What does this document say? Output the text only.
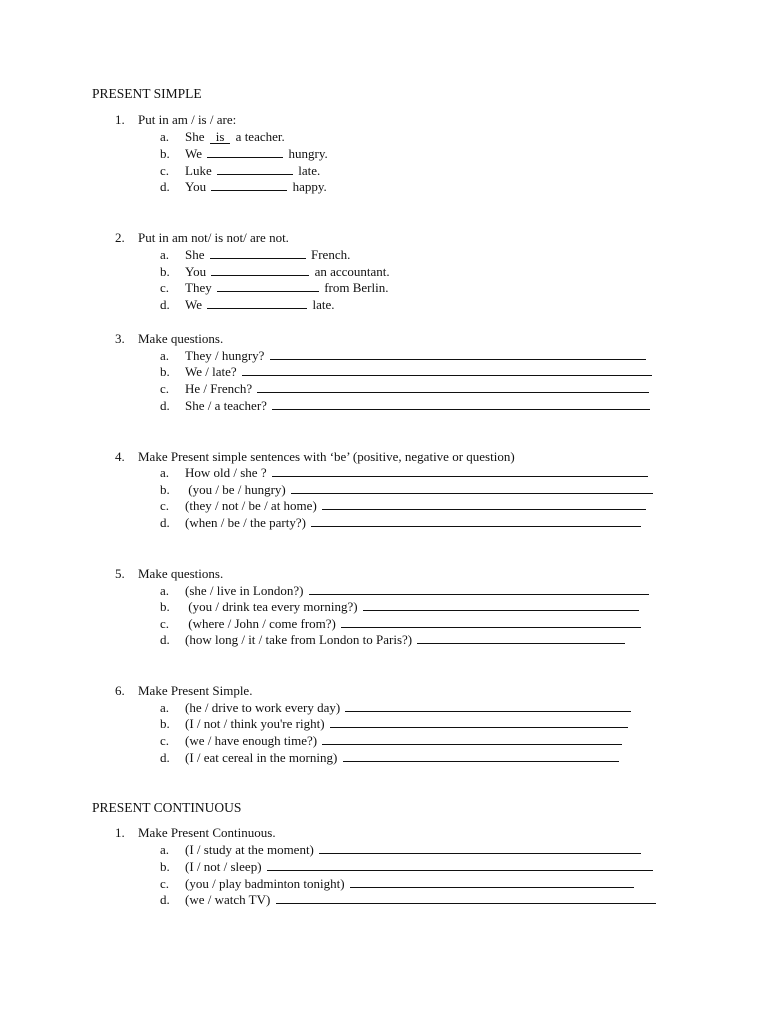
PRESENT SIMPLE
1. Put in am / is / are:
a. She is a teacher.
b. We	hungry.
c. Luke	late.
d. You	happy.
2. Put in am not/ is not/ are not.
a. She	French.
b. You	an accountant.
c. They	from Berlin.
d. We	late.
3. Make questions.
a. They / hungry?
b. We / late?
c. He / French?
d. She / a teacher?
4. Make Present simple sentences with ‘be’ (positive, negative or question)
a. How old / she ?
b. (you / be / hungry)
c. (they / not / be / at home)
d. (when / be / the party?)
5. Make questions.
a. (she / live in London?)
b. (you / drink tea every morning?)
c. (where / John / come from?)
d. (how long / it / take from London to Paris?)
6. Make Present Simple.
a. (he / drive to work every day)
b. (I / not / think you're right)
c. (we / have enough time?)
d. (I / eat cereal in the morning)
PRESENT CONTINUOUS
1. Make Present Continuous.
a. (I / study at the moment)
b. (I / not / sleep)
c. (you / play badminton tonight)
d. (we / watch TV)
